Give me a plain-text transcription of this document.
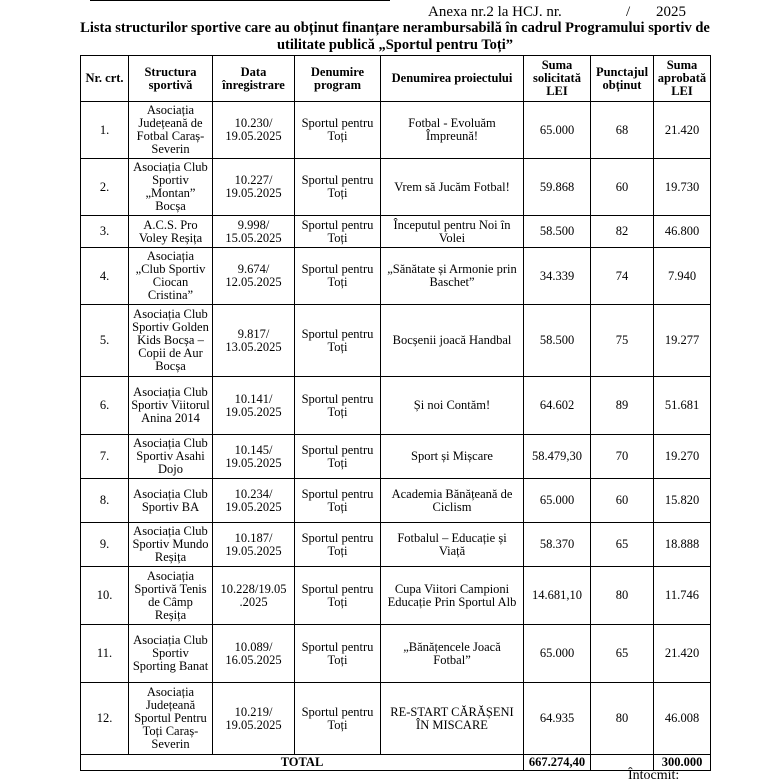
Anexa nr.2 la HCJ. nr.	/ 2025
Lista structurilor sportive care au obținut finanțare nerambursabilă în cadrul Programului sportiv de
utilitate publică „Sportul pentru Toți”
Nr. crt.	Structura sportivă	Data înregistrare	Denumire program	Denumirea proiectului	Suma solicitată LEI	Punctajul obținut	Suma aprobată LEI
1.	Asociația Județeană de Fotbal Caraș-Severin	10.230/ 19.05.2025	Sportul pentru Toți	Fotbal - Evoluăm Împreună!	65.000	68	21.420
2.	Asociația Club Sportiv „Montan” Bocșa	10.227/ 19.05.2025	Sportul pentru Toți	Vrem să Jucăm Fotbal!	59.868	60	19.730
3.	A.C.S. Pro Voley Reșița	9.998/ 15.05.2025	Sportul pentru Toți	Începutul pentru Noi în Volei	58.500	82	46.800
4.	Asociația „Club Sportiv Ciocan Cristina”	9.674/ 12.05.2025	Sportul pentru Toți	„Sănătate și Armonie prin Baschet”	34.339	74	7.940
5.	Asociația Club Sportiv Golden Kids Bocșa – Copii de Aur Bocșa	9.817/ 13.05.2025	Sportul pentru Toți	Bocșenii joacă Handbal	58.500	75	19.277
6.	Asociația Club Sportiv Viitorul Anina 2014	10.141/ 19.05.2025	Sportul pentru Toți	Și noi Contăm!	64.602	89	51.681
7.	Asociația Club Sportiv Asahi Dojo	10.145/ 19.05.2025	Sportul pentru Toți	Sport și Mișcare	58.479,30	70	19.270
8.	Asociația Club Sportiv BA	10.234/ 19.05.2025	Sportul pentru Toți	Academia Bănățeană de Ciclism	65.000	60	15.820
9.	Asociația Club Sportiv Mundo Reșița	10.187/ 19.05.2025	Sportul pentru Toți	Fotbalul – Educație și Viață	58.370	65	18.888
10.	Asociația Sportivă Tenis de Câmp Reșița	10.228/19.05 .2025	Sportul pentru Toți	Cupa Viitori Campioni Educație Prin Sportul Alb	14.681,10	80	11.746
11.	Asociația Club Sportiv Sporting Banat	10.089/ 16.05.2025	Sportul pentru Toți	„Bănățencele Joacă Fotbal”	65.000	65	21.420
12.	Asociația Județeană Sportul Pentru Toți Caraș-Severin	10.219/ 19.05.2025	Sportul pentru Toți	RE-START CĂRĂȘENI ÎN MISCARE	64.935	80	46.008
TOTAL					667.274,40		300.000
Întocmit:
